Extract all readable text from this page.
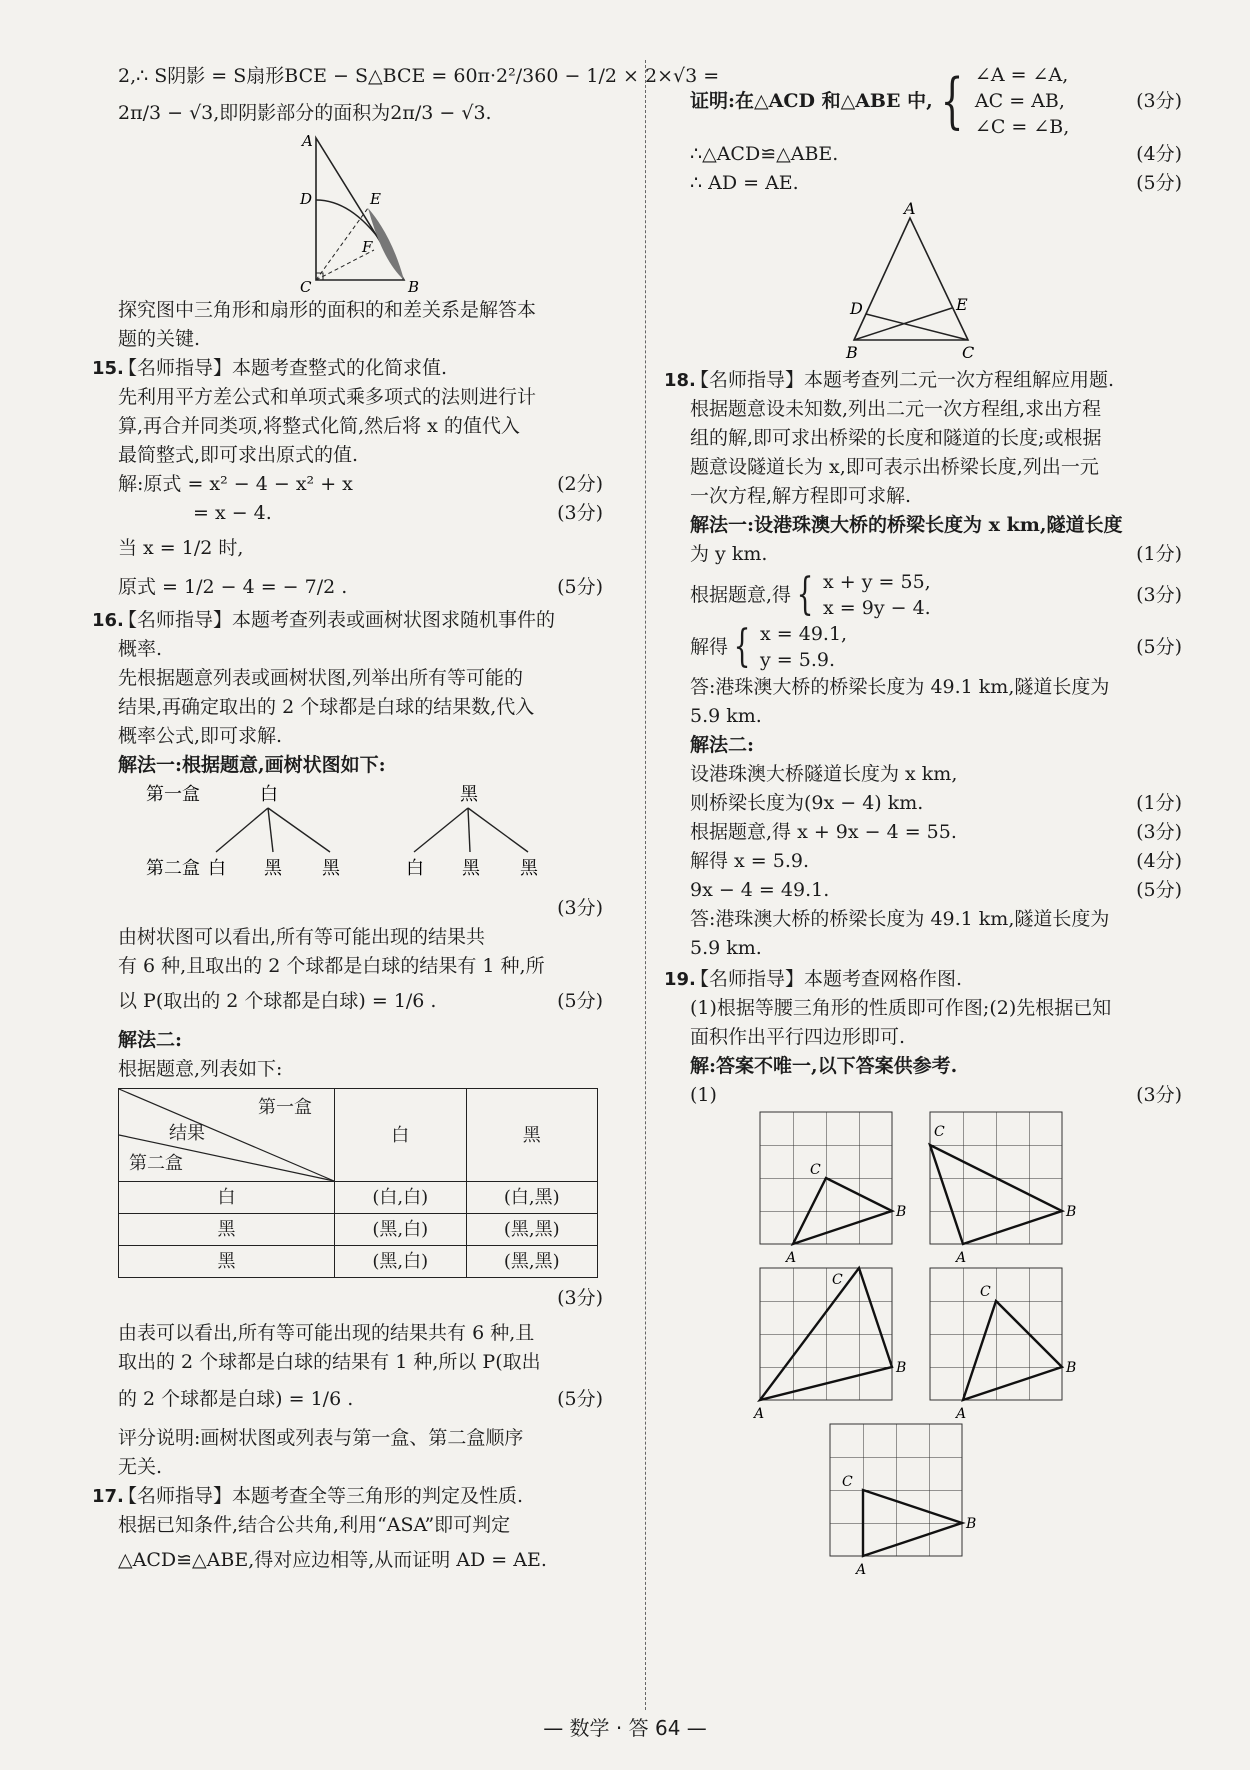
2,∴ S阴影 = S扇形BCE − S△BCE = 60π·2²/360 − 1/2 × 2×√3 =

2π/3 − √3,即阴影部分的面积为2π/3 − √3.

A
D	E
F
C	B

探究图中三角形和扇形的面积的和差关系是解答本

题的关键.

15.【名师指导】本题考查整式的化简求值.

先利用平方差公式和单项式乘多项式的法则进行计

算,再合并同类项,将整式化简,然后将 x 的值代入

最简整式,即可求出原式的值.

解:原式 = x² − 4 − x² + x	(2分)
= x − 4.	(3分)

当 x = 1/2 时,

原式 = 1/2 − 4 = − 7/2 .	(5分)

16.【名师指导】本题考查列表或画树状图求随机事件的

概率.

先根据题意列表或画树状图,列举出所有等可能的

结果,再确定取出的 2 个球都是白球的结果数,代入

概率公式,即可求解.

解法一:根据题意,画树状图如下:

第一盒	白	黑
第二盒 白 黑 黑	白 黑 黑
(3分)

由树状图可以看出,所有等可能出现的结果共

有 6 种,且取出的 2 个球都是白球的结果有 1 种,所

以 P(取出的 2 个球都是白球) = 1/6 .	(5分)

解法二:

根据题意,列表如下:

第一盒
结果
第二盒	白	黑
白	(白,白)	(白,黑)
黑	(黑,白)	(黑,黑)
黑	(黑,白)	(黑,黑)
(3分)

由表可以看出,所有等可能出现的结果共有 6 种,且

取出的 2 个球都是白球的结果有 1 种,所以 P(取出

的 2 个球都是白球) = 1/6 .	(5分)

评分说明:画树状图或列表与第一盒、第二盒顺序

无关.

17.【名师指导】本题考查全等三角形的判定及性质.

根据已知条件,结合公共角,利用“ASA”即可判定

△ACD≌△ABE,得对应边相等,从而证明 AD = AE.

证明:在△ACD 和△ABE 中, { ∠A = ∠A,
AC = AB,
∠C = ∠B,
(3分)
∴△ACD≌△ABE.	(4分)
∴ AD = AE.	(5分)
A
D	E
B	C

18.【名师指导】本题考查列二元一次方程组解应用题.

根据题意设未知数,列出二元一次方程组,求出方程

组的解,即可求出桥梁的长度和隧道的长度;或根据

题意设隧道长为 x,即可表示出桥梁长度,列出一元

一次方程,解方程即可求解.

解法一:设港珠澳大桥的桥梁长度为 x km,隧道长度

为 y km.	(1分)
根据题意,得 { x + y = 55,
x = 9y − 4.
(3分)
解得 { x = 49.1,
y = 5.9.
(5分)

答:港珠澳大桥的桥梁长度为 49.1 km,隧道长度为

5.9 km.

解法二:

设港珠澳大桥隧道长度为 x km,

则桥梁长度为(9x − 4) km.	(1分)
根据题意,得 x + 9x − 4 = 55.	(3分)
解得 x = 5.9.	(4分)
9x − 4 = 49.1.	(5分)

答:港珠澳大桥的桥梁长度为 49.1 km,隧道长度为

5.9 km.

19.【名师指导】本题考查网格作图.

(1)根据等腰三角形的性质即可作图;(2)先根据已知

面积作出平行四边形即可.

解:答案不唯一,以下答案供参考.

(1)	(3分)
C
B
A
C
B
A
C
B
A
C
B
A
C
B
A
— 数学 · 答 64 —
